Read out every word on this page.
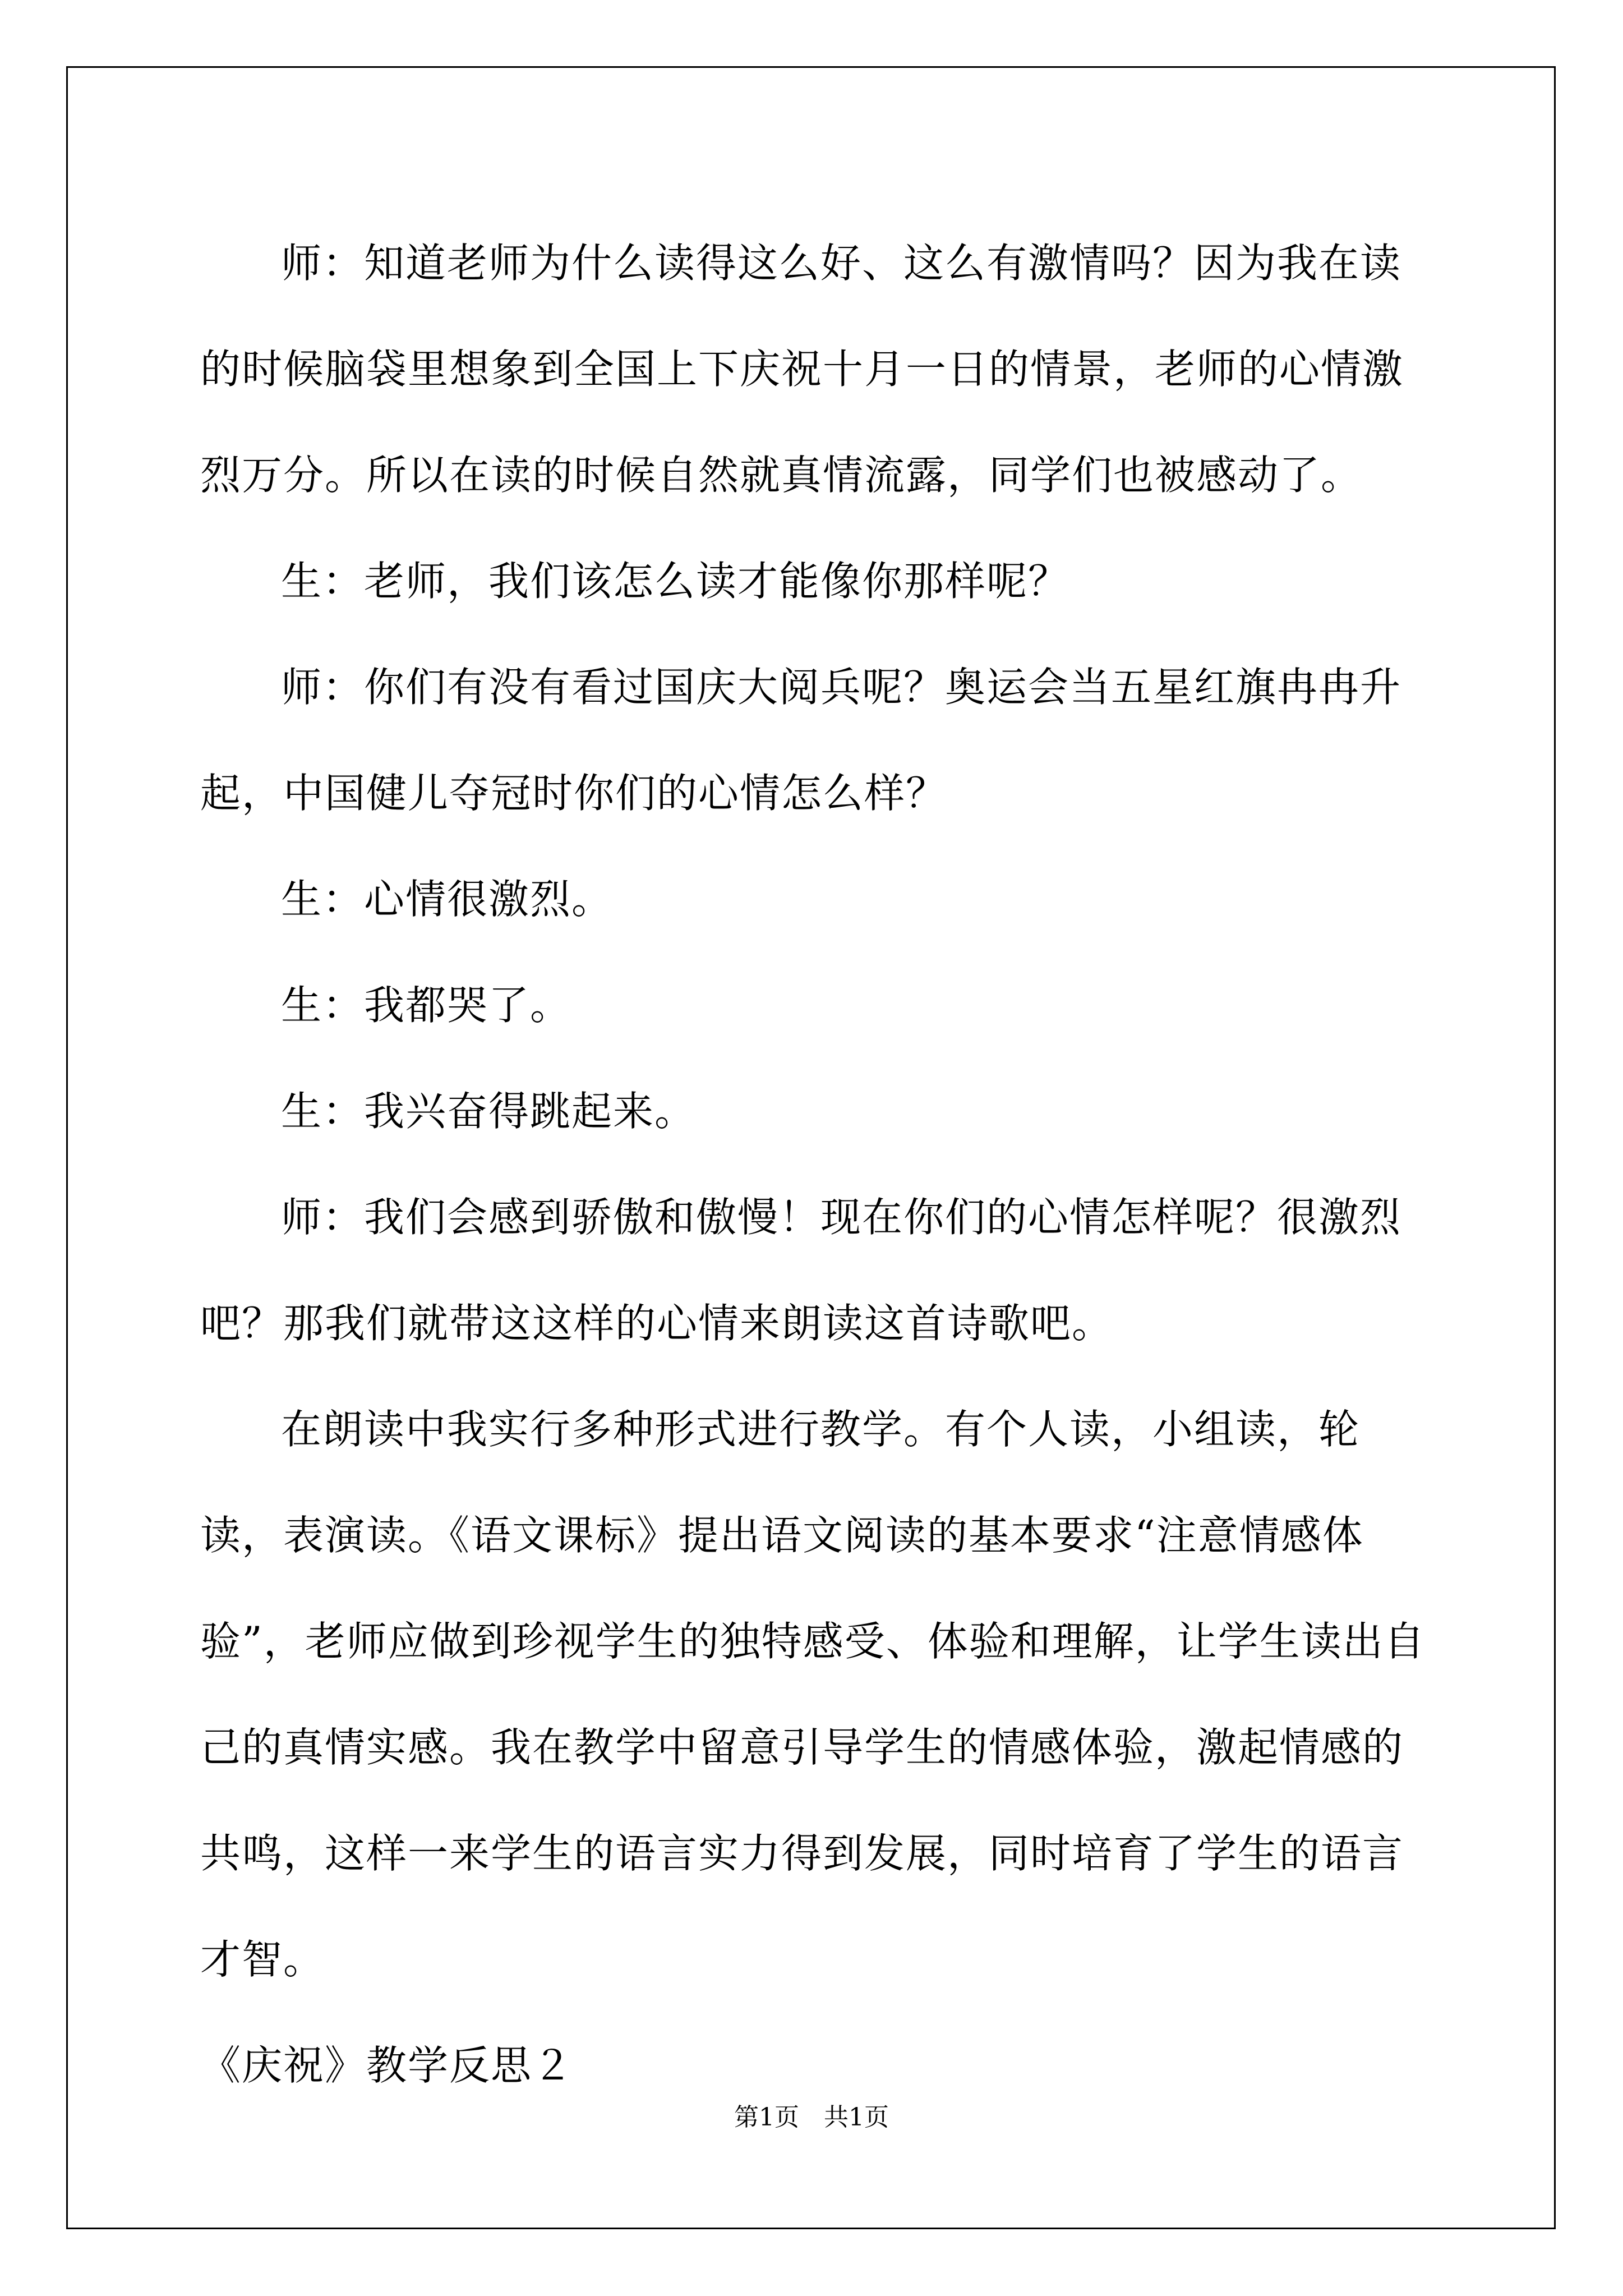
师：知道老师为什么读得这么好、这么有激情吗？因为我在读的时候脑袋里想象到全国上下庆祝十月一日的情景，老师的心情激烈万分。所以在读的时候自然就真情流露，同学们也被感动了。

生：老师，我们该怎么读才能像你那样呢？

师：你们有没有看过国庆大阅兵呢？奥运会当五星红旗冉冉升起，中国健儿夺冠时你们的心情怎么样？

生：心情很激烈。

生：我都哭了。

生：我兴奋得跳起来。

师：我们会感到骄傲和傲慢！现在你们的心情怎样呢？很激烈吧？那我们就带这这样的心情来朗读这首诗歌吧。

在朗读中我实行多种形式进行教学。有个人读，小组读，轮读，表演读。《语文课标》提出语文阅读的基本要求“注意情感体验”，老师应做到珍视学生的独特感受、体验和理解，让学生读出自己的真情实感。我在教学中留意引导学生的情感体验，激起情感的共鸣，这样一来学生的语言实力得到发展，同时培育了学生的语言才智。

《庆祝》教学反思２

第1页　共1页
